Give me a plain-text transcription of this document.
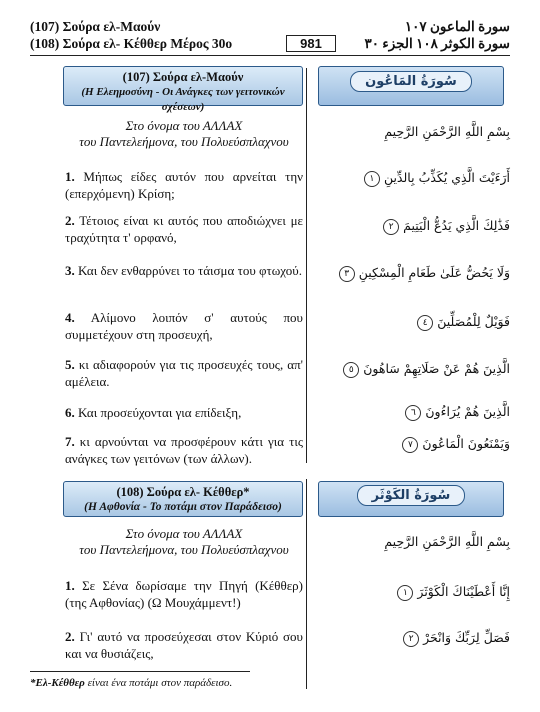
(107) Σούρα ελ-Μαούν
(108) Σούρα ελ- Κέθθερ Μέρος 30ο
سورة الماعون ١٠٧
سورة الكوثر ١٠٨ الجزء ٣٠
981
(107) Σούρα ελ-Μαούν
(Η Ελεημοσύνη - Οι Ανάγκες των γειτονικών σχέσεων)
سُورَةُ المَاعُون
Στο όνομα του ΑΛΛΑΧ
του Παντελεήμονα, του Πολυεύσπλαχνου
بِسْمِ اللَّهِ الرَّحْمَنِ الرَّحِيمِ
1. Μήπως είδες αυτόν που αρνείται την (επερχόμενη) Κρίση;
أَرَءَيْتَ الَّذِي يُكَذِّبُ بِالدِّينِ ١
2. Τέτοιος είναι κι αυτός που αποδιώχνει με τραχύτητα τ' ορφανό,
فَذَٰلِكَ الَّذِي يَدُعُّ الْيَتِيمَ ٢
3. Και δεν ενθαρρύνει το τάισμα του φτωχού.	وَلَا يَحُضُّ عَلَىٰ طَعَامِ الْمِسْكِينِ ٣
4. Αλίμονο λοιπόν σ' αυτούς που συμμετέχουν στη προσευχή,
فَوَيْلٌ لِلْمُصَلِّينَ ٤
5. κι αδιαφορούν για τις προσευχές τους, απ' αμέλεια.
الَّذِينَ هُمْ عَنْ صَلَاتِهِمْ سَاهُونَ ٥
6. Και προσεύχονται για επίδειξη,	الَّذِينَ هُمْ يُرَاءُونَ ٦
7. κι αρνούνται να προσφέρουν κάτι για τις ανάγκες των γειτόνων (των άλλων).
وَيَمْنَعُونَ الْمَاعُونَ ٧
(108) Σούρα ελ- Κέθθερ*
(Η Αφθονία - Το ποτάμι στον Παράδεισο)
سُورَةُ الكَوْثَر
Στο όνομα του ΑΛΛΑΧ
του Παντελεήμονα, του Πολυεύσπλαχνου
بِسْمِ اللَّهِ الرَّحْمَنِ الرَّحِيمِ
1. Σε Σένα δωρίσαμε την Πηγή (Κέθθερ) (της Αφθονίας) (Ω Μουχάμμεντ!)
إِنَّا أَعْطَيْنَاكَ الْكَوْثَرَ ١
2. Γι' αυτό να προσεύχεσαι στον Κύριό σου και να θυσιάζεις,
فَصَلِّ لِرَبِّكَ وَانْحَرْ ٢
*Ελ-Κέθθερ είναι ένα ποτάμι στον παράδεισο.
